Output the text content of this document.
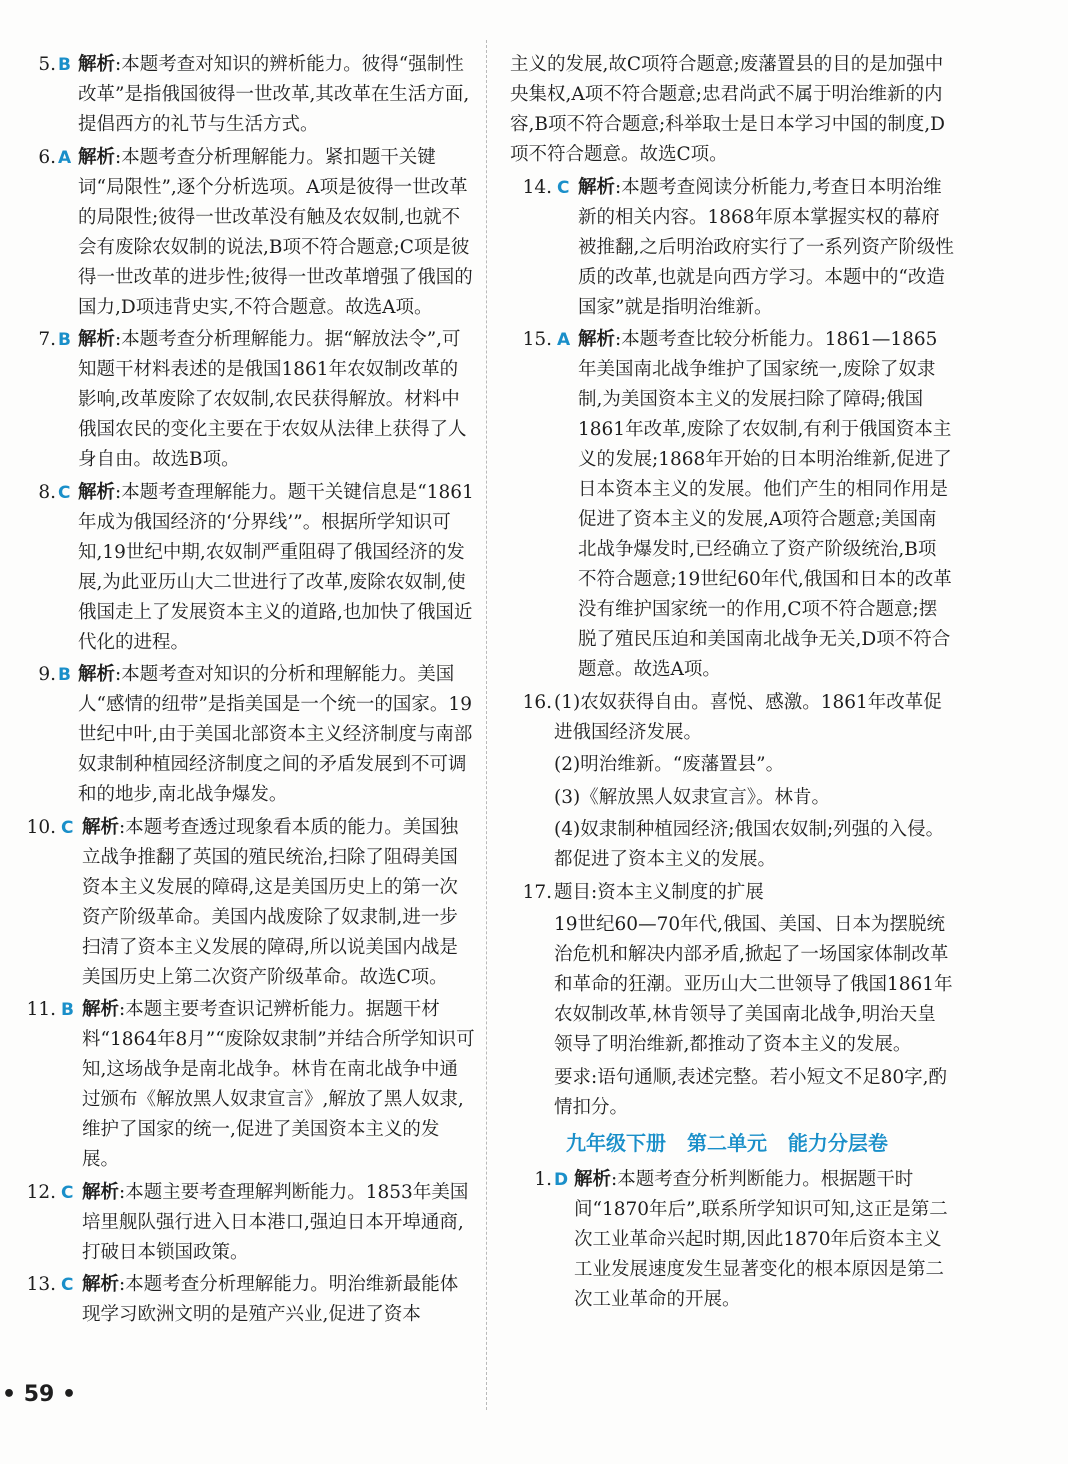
5. B 解析:本题考查对知识的辨析能力。彼得“强制性改革”是指俄国彼得一世改革,其改革在生活方面,提倡西方的礼节与生活方式。
6. A 解析:本题考查分析理解能力。紧扣题干关键词“局限性”,逐个分析选项。A项是彼得一世改革的局限性;彼得一世改革没有触及农奴制,也就不会有废除农奴制的说法,B项不符合题意;C项是彼得一世改革的进步性;彼得一世改革增强了俄国的国力,D项违背史实,不符合题意。故选A项。
7. B 解析:本题考查分析理解能力。据“解放法令”,可知题干材料表述的是俄国1861年农奴制改革的影响,改革废除了农奴制,农民获得解放。材料中俄国农民的变化主要在于农奴从法律上获得了人身自由。故选B项。
8. C 解析:本题考查理解能力。题干关键信息是“1861年成为俄国经济的‘分界线’”。根据所学知识可知,19世纪中期,农奴制严重阻碍了俄国经济的发展,为此亚历山大二世进行了改革,废除农奴制,使俄国走上了发展资本主义的道路,也加快了俄国近代化的进程。
9. B 解析:本题考查对知识的分析和理解能力。美国人“感情的纽带”是指美国是一个统一的国家。19世纪中叶,由于美国北部资本主义经济制度与南部奴隶制种植园经济制度之间的矛盾发展到不可调和的地步,南北战争爆发。
10. C 解析:本题考查透过现象看本质的能力。美国独立战争推翻了英国的殖民统治,扫除了阻碍美国资本主义发展的障碍,这是美国历史上的第一次资产阶级革命。美国内战废除了奴隶制,进一步扫清了资本主义发展的障碍,所以说美国内战是美国历史上第二次资产阶级革命。故选C项。
11. B 解析:本题主要考查识记辨析能力。据题干材料“1864年8月”“废除奴隶制”并结合所学知识可知,这场战争是南北战争。林肯在南北战争中通过颁布《解放黑人奴隶宣言》,解放了黑人奴隶,维护了国家的统一,促进了美国资本主义的发展。
12. C 解析:本题主要考查理解判断能力。1853年美国培里舰队强行进入日本港口,强迫日本开埠通商,打破日本锁国政策。
13. C 解析:本题考查分析理解能力。明治维新最能体现学习欧洲文明的是殖产兴业,促进了资本
主义的发展,故C项符合题意;废藩置县的目的是加强中央集权,A项不符合题意;忠君尚武不属于明治维新的内容,B项不符合题意;科举取士是日本学习中国的制度,D项不符合题意。故选C项。
14. C 解析:本题考查阅读分析能力,考查日本明治维新的相关内容。1868年原本掌握实权的幕府被推翻,之后明治政府实行了一系列资产阶级性质的改革,也就是向西方学习。本题中的“改造国家”就是指明治维新。
15. A 解析:本题考查比较分析能力。1861—1865年美国南北战争维护了国家统一,废除了奴隶制,为美国资本主义的发展扫除了障碍;俄国1861年改革,废除了农奴制,有利于俄国资本主义的发展;1868年开始的日本明治维新,促进了日本资本主义的发展。他们产生的相同作用是促进了资本主义的发展,A项符合题意;美国南北战争爆发时,已经确立了资产阶级统治,B项不符合题意;19世纪60年代,俄国和日本的改革没有维护国家统一的作用,C项不符合题意;摆脱了殖民压迫和美国南北战争无关,D项不符合题意。故选A项。
16. (1)农奴获得自由。喜悦、感激。1861年改革促进俄国经济发展。
(2)明治维新。“废藩置县”。
(3)《解放黑人奴隶宣言》。林肯。
(4)奴隶制种植园经济;俄国农奴制;列强的入侵。都促进了资本主义的发展。
17. 题目:资本主义制度的扩展
19世纪60—70年代,俄国、美国、日本为摆脱统治危机和解决内部矛盾,掀起了一场国家体制改革和革命的狂潮。亚历山大二世领导了俄国1861年农奴制改革,林肯领导了美国南北战争,明治天皇领导了明治维新,都推动了资本主义的发展。
要求:语句通顺,表述完整。若小短文不足80字,酌情扣分。
九年级下册 第二单元 能力分层卷
1. D 解析:本题考查分析判断能力。根据题干时间“1870年后”,联系所学知识可知,这正是第二次工业革命兴起时期,因此1870年后资本主义工业发展速度发生显著变化的根本原因是第二次工业革命的开展。
• 59 •
